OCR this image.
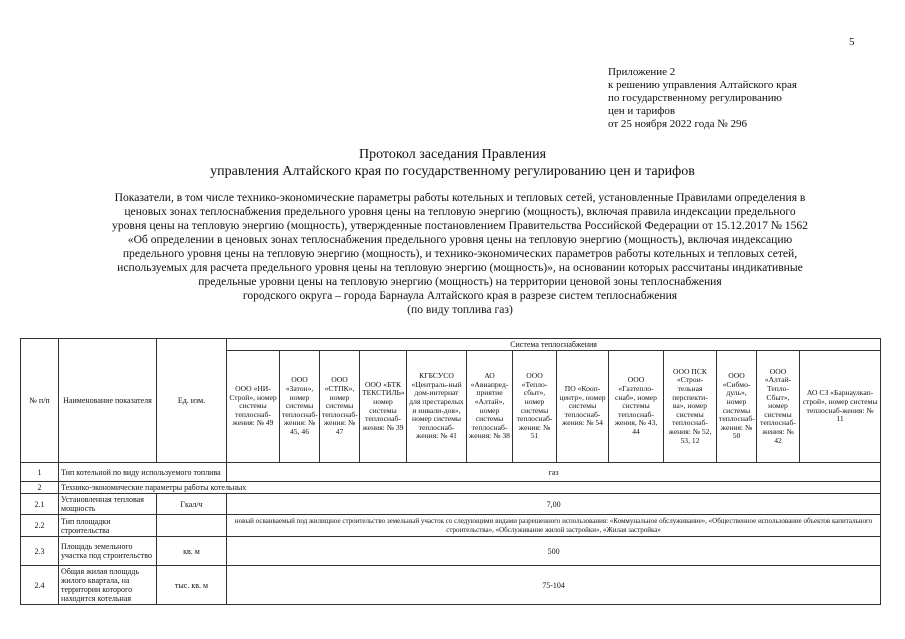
5
Приложение 2
к решению управления Алтайского края
по государственному регулированию
цен и тарифов
от 25 ноября 2022 года № 296
Протокол заседания Правления
управления Алтайского края по государственному регулированию цен и тарифов
Показатели, в том числе технико-экономические параметры работы котельных и тепловых сетей, установленные Правилами определения в
ценовых зонах теплоснабжения предельного уровня цены на тепловую энергию (мощность), включая правила индексации предельного
уровня цены на тепловую энергию (мощность), утвержденные постановлением Правительства Российской Федерации от 15.12.2017 № 1562
«Об определении в ценовых зонах теплоснабжения предельного уровня цены на тепловую энергию (мощность), включая индексацию
предельного уровня цены на тепловую энергию (мощность), и технико-экономических параметров работы котельных и тепловых сетей,
используемых для расчета предельного уровня цены на тепловую энергию (мощность)», на основании которых рассчитаны индикативные
предельные уровни цены на тепловую энергию (мощность) на территории ценовой зоны теплоснабжения
городского округа – города Барнаула Алтайского края в разрезе систем теплоснабжения
(по виду топлива газ)
№ п/п	Наименование показателя	Ед. изм.	Система теплоснабжения												
			ООО «НИ-Строй», номер системы теплоснаб-жения: № 49	ООО «Затон», номер системы теплоснаб-жения: № 45, 46	ООО «СТПК», номер системы теплоснаб-жения: № 47	ООО «БТК ТЕКСТИЛЬ» номер системы теплоснаб-жения: № 39	КГБСУСО «Централь-ный дом-интернат для престарелых и инвали-дов», номер системы теплоснаб-жения: № 41	АО «Авиапред-приятие «Алтай», номер системы теплоснаб-жения: № 38	ООО «Тепло-сбыт», номер системы теплоснаб-жения: № 51	ПО «Кооп-центр», номер системы теплоснаб-жения: № 54	ООО «Газтепло-снаб», номер системы теплоснаб-жения, № 43, 44	ООО ПСК «Строи-тельная перспекти-ва», номер системы теплоснаб-жения: № 52, 53, 12	ООО «Сибмо-дуль», номер системы теплоснаб-жения: № 50	ООО «Алтай-Тепло-Сбыт», номер системы теплоснаб-жения: № 42	АО СЗ «Барнаулкап-строй», номер системы теплоснаб-жения: № 11
1	Тип котельной по виду используемого топлива		газ												
2	Технико-экономические параметры работы котельных														
2.1	Установленная тепловая мощность	Гкал/ч	7,00												
2.2	Тип площадки строительства		новый осваиваемый под жилищное строительство земельный участок со следующими видами разрешенного использования: «Коммунальное обслуживание», «Общественное использование объектов капитального строительства», «Обслуживание жилой застройки», «Жилая застройка»												
2.3	Площадь земельного участка под строительство	кв. м	500												
2.4	Общая жилая площадь жилого квартала, на территории которого находится котельная	тыс. кв. м	75-104												
